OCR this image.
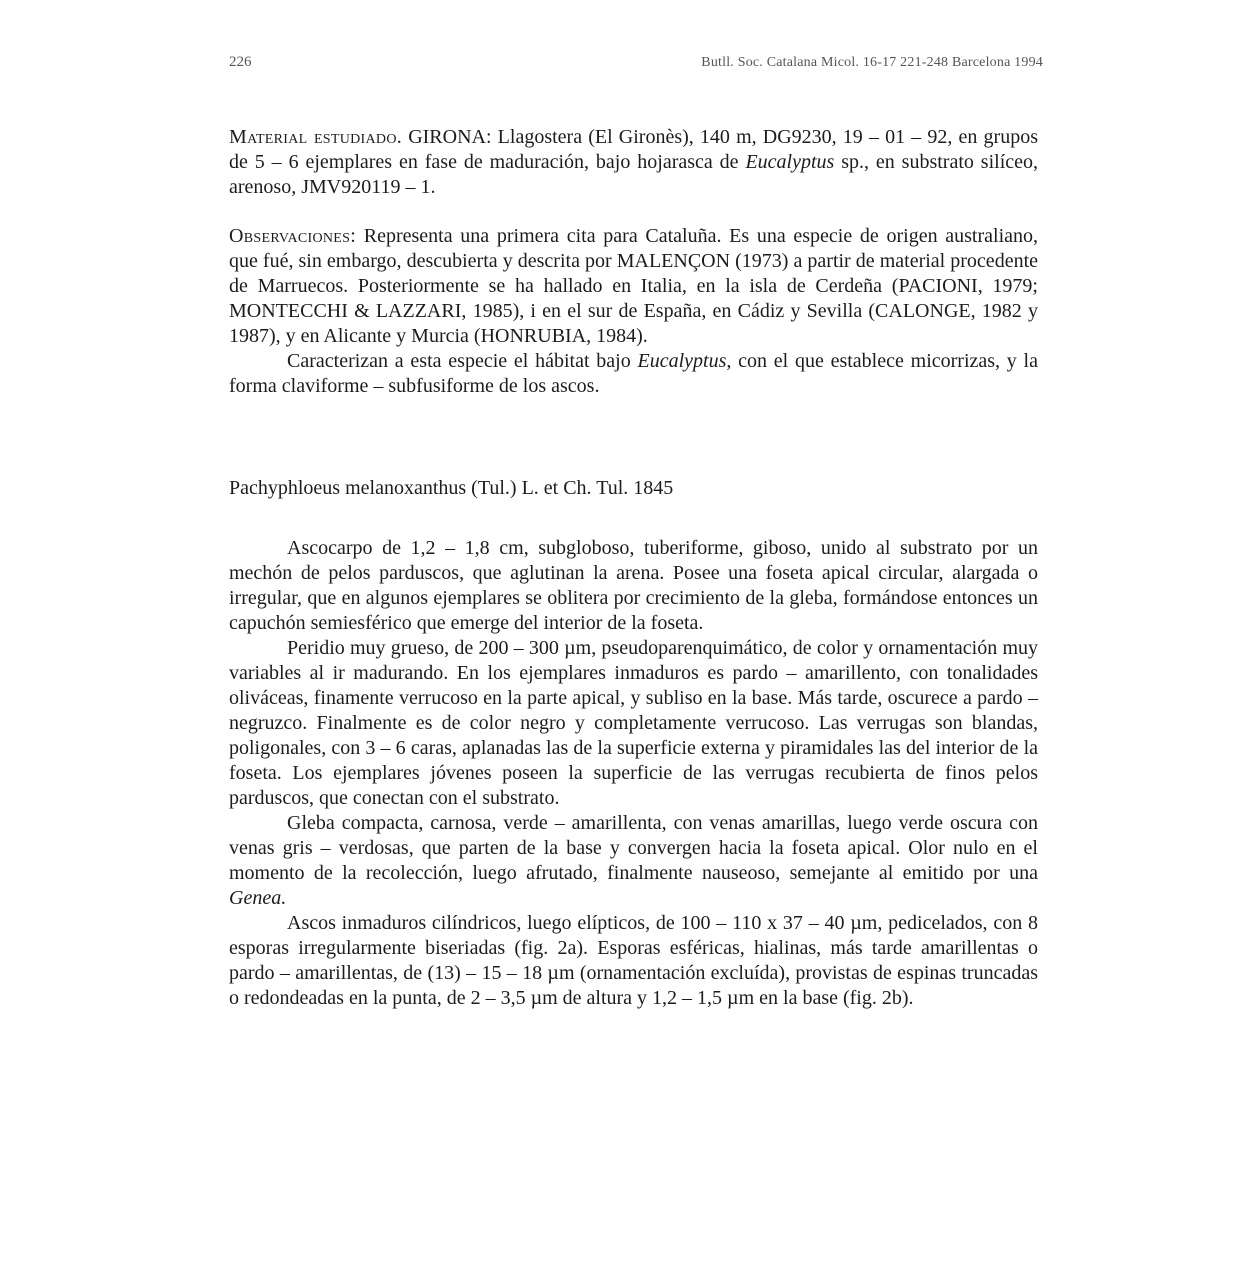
226	Butll. Soc. Catalana Micol. 16-17 221-248 Barcelona 1994

Material estudiado. GIRONA: Llagostera (El Gironès), 140 m, DG9230, 19 – 01 – 92, en grupos de 5 – 6 ejemplares en fase de maduración, bajo hojarasca de Eucalyptus sp., en substrato silíceo, arenoso, JMV920119 – 1.

Observaciones: Representa una primera cita para Cataluña. Es una especie de origen australiano, que fué, sin embargo, descubierta y descrita por MALENÇON (1973) a partir de material procedente de Marruecos. Posteriormente se ha hallado en Italia, en la isla de Cerdeña (PACIONI, 1979; MONTECCHI & LAZZARI, 1985), i en el sur de España, en Cádiz y Sevilla (CALONGE, 1982 y 1987), y en Alicante y Murcia (HONRUBIA, 1984).

Caracterizan a esta especie el hábitat bajo Eucalyptus, con el que establece micorrizas, y la forma claviforme – subfusiforme de los ascos.

Pachyphloeus melanoxanthus (Tul.) L. et Ch. Tul. 1845

Ascocarpo de 1,2 – 1,8 cm, subgloboso, tuberiforme, giboso, unido al substrato por un mechón de pelos parduscos, que aglutinan la arena. Posee una foseta apical circular, alargada o irregular, que en algunos ejemplares se oblitera por crecimiento de la gleba, formándose entonces un capuchón semiesférico que emerge del interior de la foseta.

Peridio muy grueso, de 200 – 300 µm, pseudoparenquimático, de color y ornamentación muy variables al ir madurando. En los ejemplares inmaduros es pardo – amarillento, con tonalidades oliváceas, finamente verrucoso en la parte apical, y subliso en la base. Más tarde, oscurece a pardo – negruzco. Finalmente es de color negro y completamente verrucoso. Las verrugas son blandas, poligonales, con 3 – 6 caras, aplanadas las de la superficie externa y piramidales las del interior de la foseta. Los ejemplares jóvenes poseen la superficie de las verrugas recubierta de finos pelos parduscos, que conectan con el substrato.

Gleba compacta, carnosa, verde – amarillenta, con venas amarillas, luego verde oscura con venas gris – verdosas, que parten de la base y convergen hacia la foseta apical. Olor nulo en el momento de la recolección, luego afrutado, finalmente nauseoso, semejante al emitido por una Genea.

Ascos inmaduros cilíndricos, luego elípticos, de 100 – 110 x 37 – 40 µm, pedicelados, con 8 esporas irregularmente biseriadas (fig. 2a). Esporas esféricas, hialinas, más tarde amarillentas o pardo – amarillentas, de (13) – 15 – 18 µm (ornamentación excluída), provistas de espinas truncadas o redondeadas en la punta, de 2 – 3,5 µm de altura y 1,2 – 1,5 µm en la base (fig. 2b).
